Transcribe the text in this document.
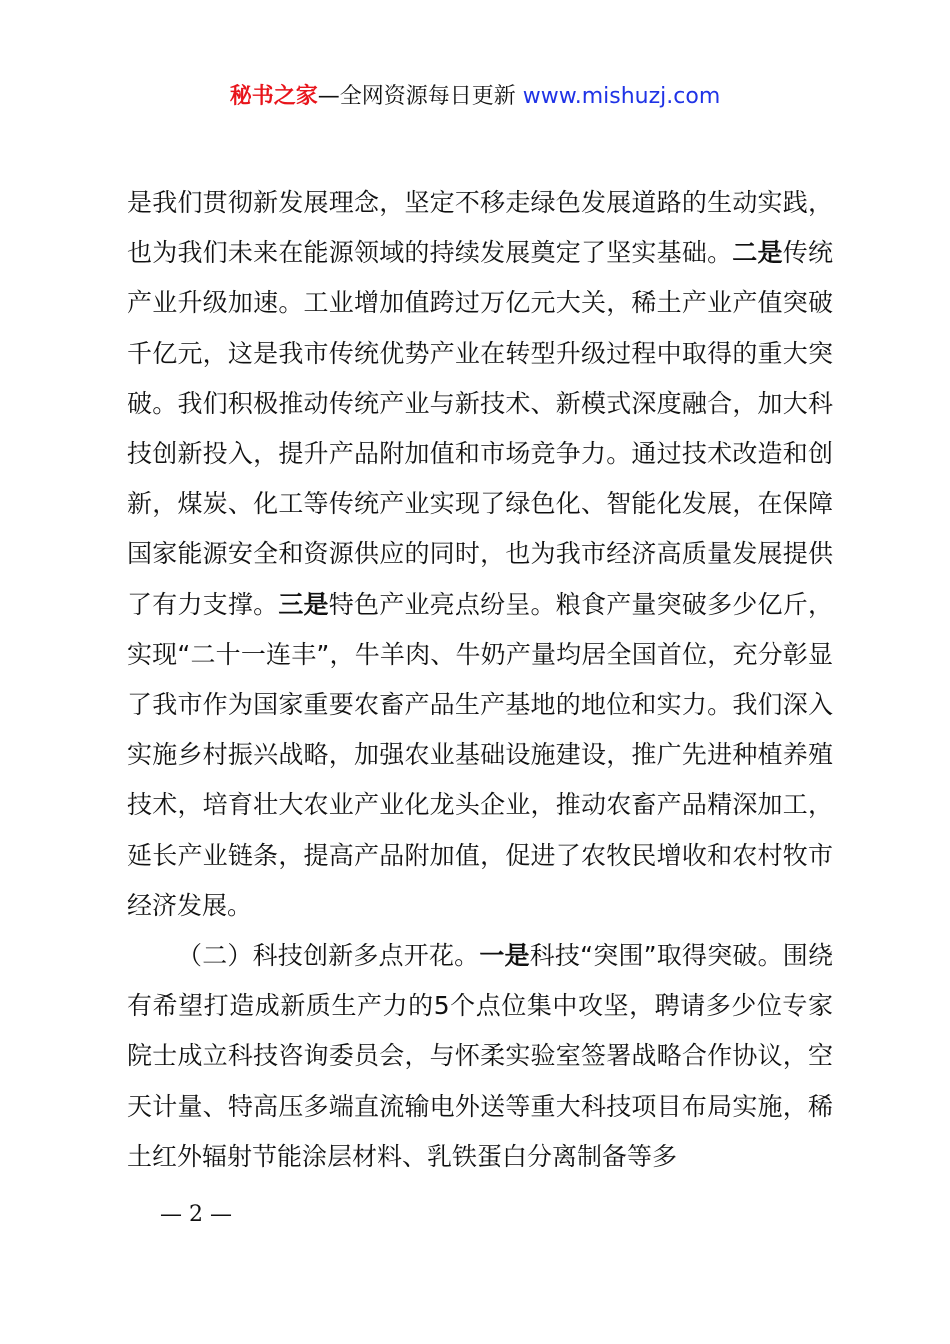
秘书之家—全网资源每日更新 www.mishuzj.com

是我们贯彻新发展理念，坚定不移走绿色发展道路的生动实践，也为我们未来在能源领域的持续发展奠定了坚实基础。二是传统产业升级加速。工业增加值跨过万亿元大关，稀土产业产值突破千亿元，这是我市传统优势产业在转型升级过程中取得的重大突破。我们积极推动传统产业与新技术、新模式深度融合，加大科技创新投入，提升产品附加值和市场竞争力。通过技术改造和创新，煤炭、化工等传统产业实现了绿色化、智能化发展，在保障国家能源安全和资源供应的同时，也为我市经济高质量发展提供了有力支撑。三是特色产业亮点纷呈。粮食产量突破多少亿斤，实现“二十一连丰”，牛羊肉、牛奶产量均居全国首位，充分彰显了我市作为国家重要农畜产品生产基地的地位和实力。我们深入实施乡村振兴战略，加强农业基础设施建设，推广先进种植养殖技术，培育壮大农业产业化龙头企业，推动农畜产品精深加工，延长产业链条，提高产品附加值，促进了农牧民增收和农村牧市经济发展。

（二）科技创新多点开花。一是科技“突围”取得突破。围绕有希望打造成新质生产力的5个点位集中攻坚，聘请多少位专家院士成立科技咨询委员会，与怀柔实验室签署战略合作协议，空天计量、特高压多端直流输电外送等重大科技项目布局实施，稀土红外辐射节能涂层材料、乳铁蛋白分离制备等多

— 2 —
